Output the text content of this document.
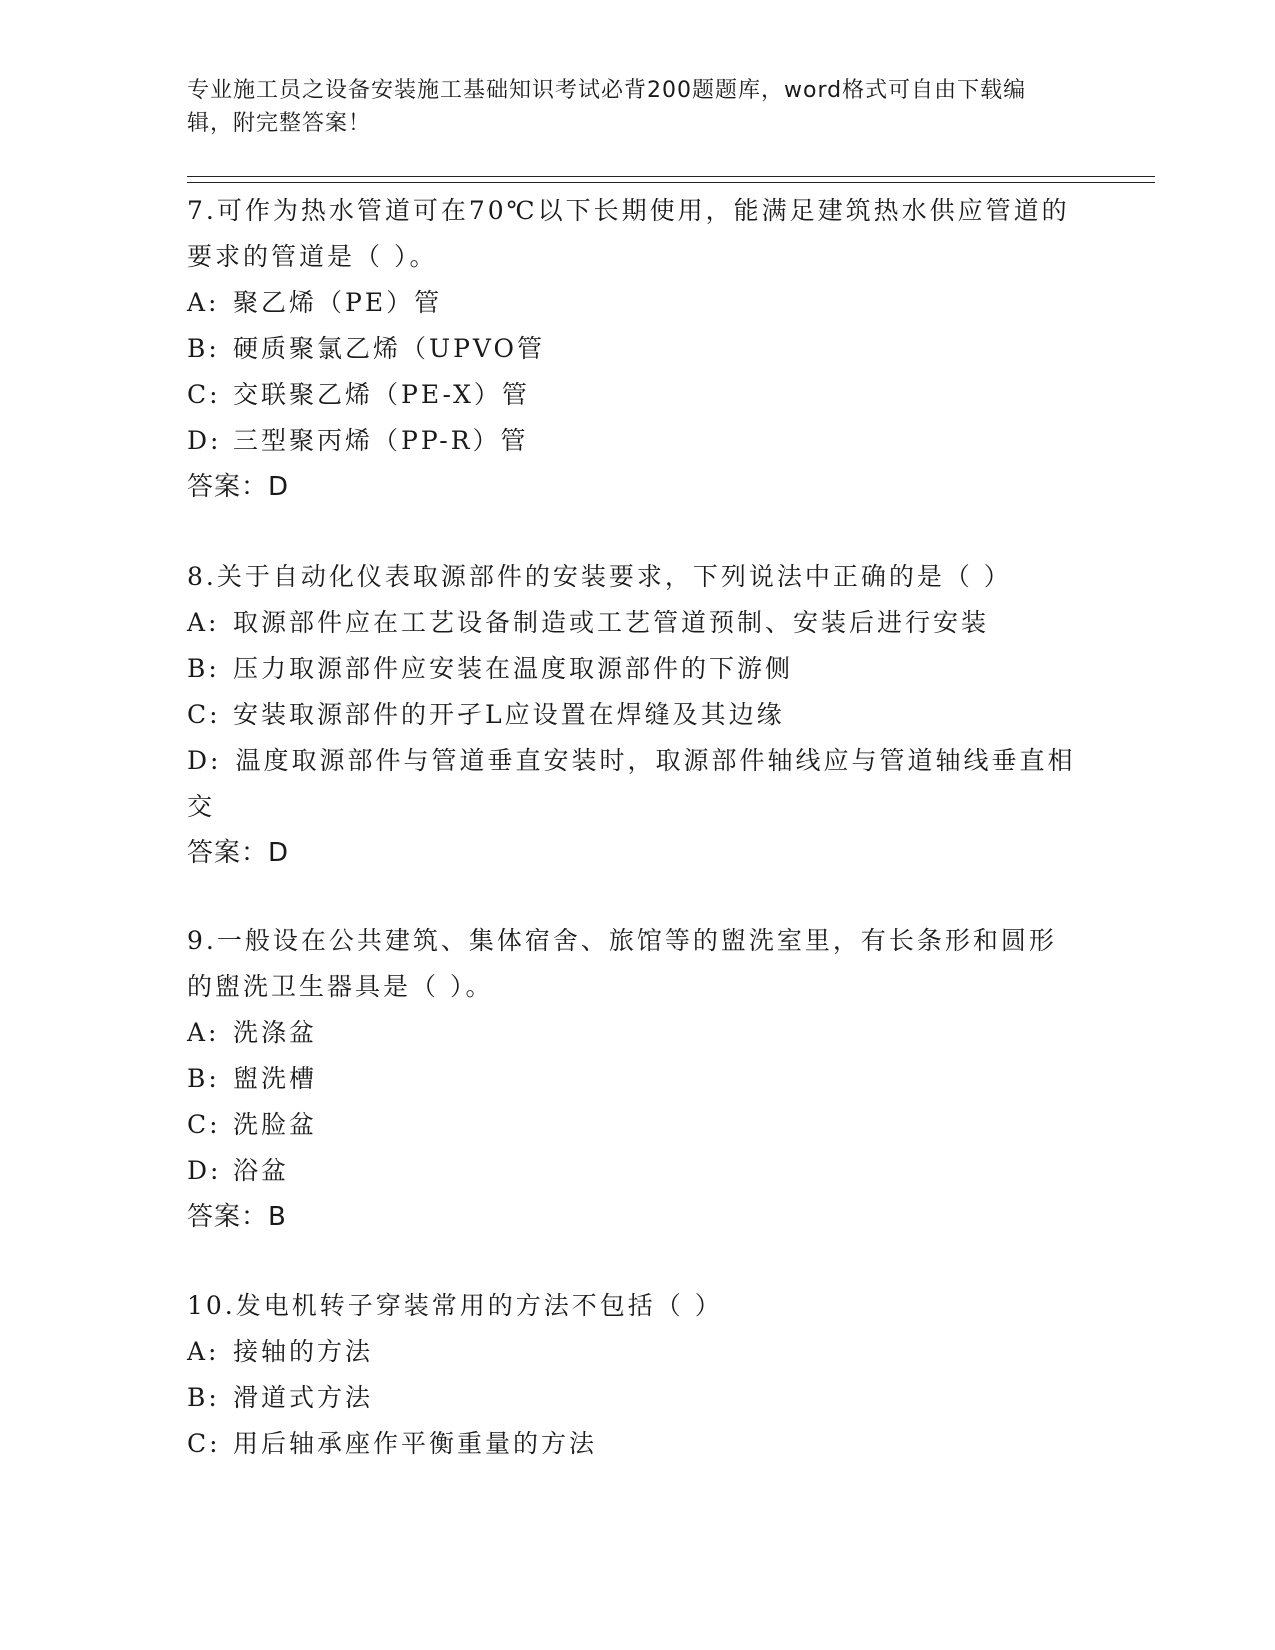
专业施工员之设备安装施工基础知识考试必背200题题库，word格式可自由下载编辑，附完整答案！

7.可作为热水管道可在70℃以下长期使用，能满足建筑热水供应管道的要求的管道是（ ）。

A: 聚乙烯（PE）管

B: 硬质聚氯乙烯（UPVO管

C: 交联聚乙烯（PE-X）管

D: 三型聚丙烯（PP-R）管

答案：D

8.关于自动化仪表取源部件的安装要求，下列说法中正确的是（ ）

A: 取源部件应在工艺设备制造或工艺管道预制、安装后进行安装

B: 压力取源部件应安装在温度取源部件的下游侧

C: 安装取源部件的开孑L应设置在焊缝及其边缘

D: 温度取源部件与管道垂直安装时，取源部件轴线应与管道轴线垂直相交

答案：D

9.一般设在公共建筑、集体宿舍、旅馆等的盥洗室里，有长条形和圆形的盥洗卫生器具是（ ）。

A: 洗涤盆

B: 盥洗槽

C: 洗脸盆

D: 浴盆

答案：B

10.发电机转子穿装常用的方法不包括（ ）

A: 接轴的方法

B: 滑道式方法

C: 用后轴承座作平衡重量的方法
